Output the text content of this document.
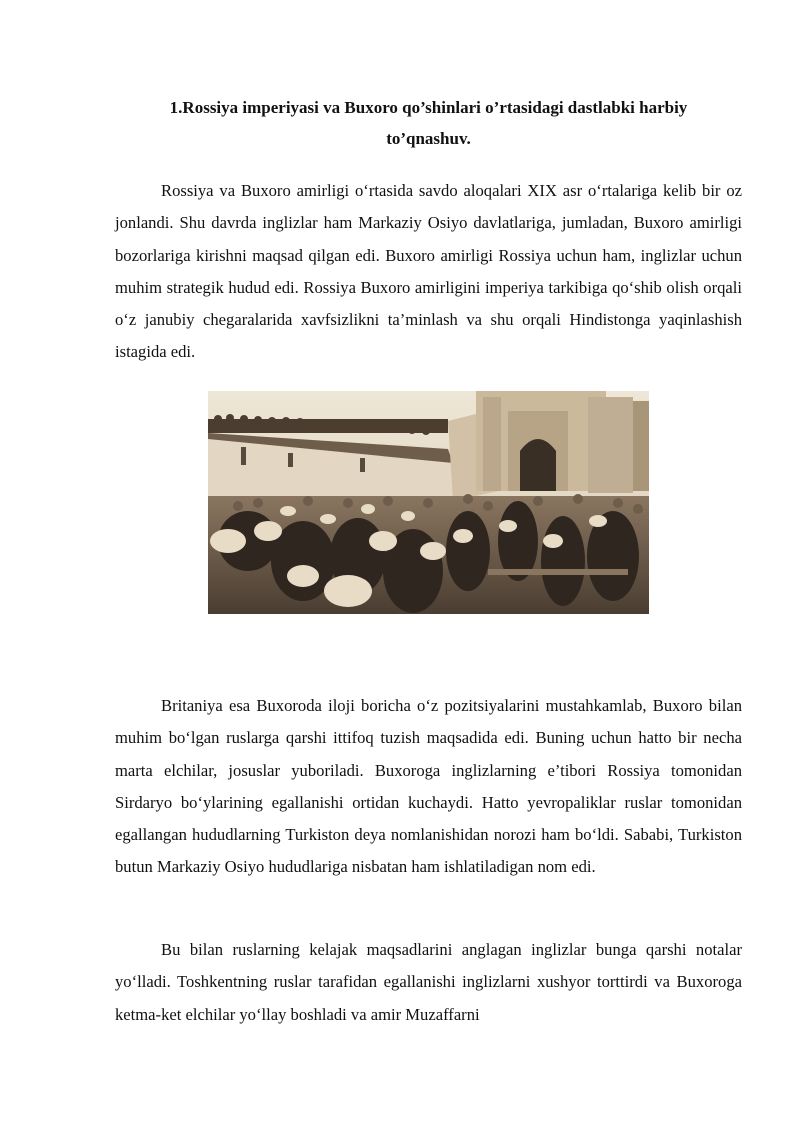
1.Rossiya imperiyasi va Buxoro qo’shinlari o’rtasidagi dastlabki harbiy
to’qnashuv.

Rossiya va Buxoro amirligi o‘rtasida savdo aloqalari XIX asr o‘rtalariga kelib bir oz jonlandi. Shu davrda inglizlar ham Markaziy Osiyo davlatlariga, jumladan, Buxoro amirligi bozorlariga kirishni maqsad qilgan edi. Buxoro amirligi Rossiya uchun ham, inglizlar uchun muhim strategik hudud edi. Rossiya Buxoro amirligini imperiya tarkibiga qo‘shib olish orqali o‘z janubiy chegaralarida xavfsizlikni ta’minlash va shu orqali Hindistonga yaqinlashish istagida edi.

Britaniya esa Buxoroda iloji boricha o‘z pozitsiyalarini mustahkamlab, Buxoro bilan muhim bo‘lgan ruslarga qarshi ittifoq tuzish maqsadida edi. Buning uchun hatto bir necha marta elchilar, josuslar yuboriladi. Buxoroga inglizlarning e’tibori Rossiya tomonidan Sirdaryo bo‘ylarining egallanishi ortidan kuchaydi. Hatto yevropaliklar ruslar tomonidan egallangan hududlarning Turkiston deya nomlanishidan norozi ham bo‘ldi. Sababi, Turkiston butun Markaziy Osiyo hududlariga nisbatan ham ishlatiladigan nom edi.

Bu bilan ruslarning kelajak maqsadlarini anglagan inglizlar bunga qarshi notalar yo‘lladi. Toshkentning ruslar tarafidan egallanishi inglizlarni xushyor torttirdi va Buxoroga ketma-ket elchilar yo‘llay boshladi va amir Muzaffarni
